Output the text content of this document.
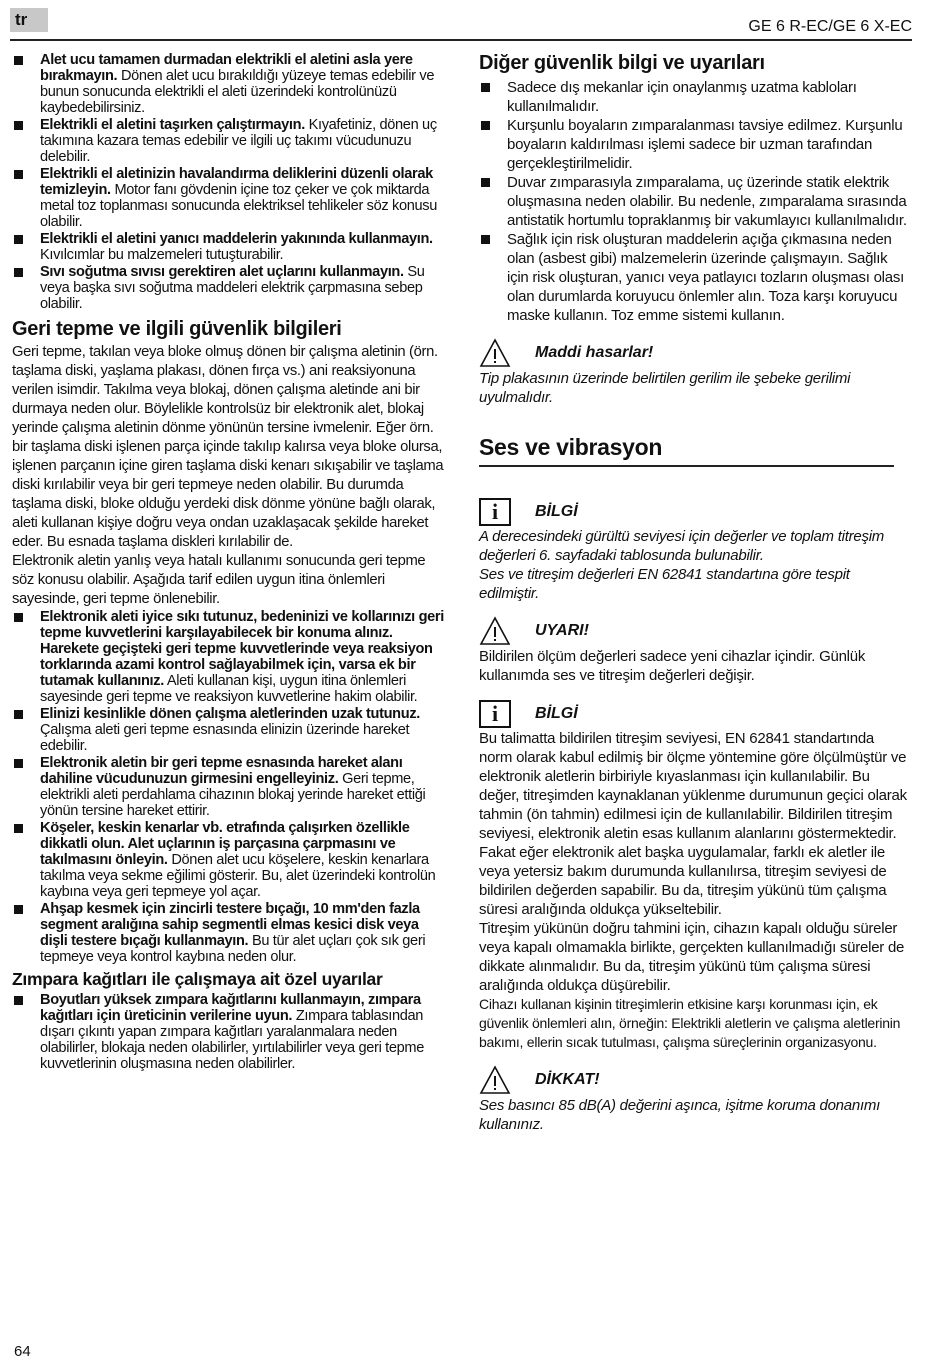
tr	GE 6 R-EC/GE 6 X-EC
Alet ucu tamamen durmadan elektrikli el aletini asla yere bırakmayın. Dönen alet ucu bırakıldığı yüzeye temas edebilir ve bunun sonucunda elektrikli el aleti üzerindeki kontrolünüzü kaybedebilirsiniz.
Elektrikli el aletini taşırken çalıştırmayın. Kıyafetiniz, dönen uç takımına kazara temas edebilir ve ilgili uç takımı vücudunuzu delebilir.
Elektrikli el aletinizin havalandırma deliklerini düzenli olarak temizleyin. Motor fanı gövdenin içine toz çeker ve çok miktarda metal toz toplanması sonucunda elektriksel tehlikeler söz konusu olabilir.
Elektrikli el aletini yanıcı maddelerin yakınında kullanmayın. Kıvılcımlar bu malzemeleri tutuşturabilir.
Sıvı soğutma sıvısı gerektiren alet uçlarını kullanmayın. Su veya başka sıvı soğutma maddeleri elektrik çarpmasına sebep olabilir.
Geri tepme ve ilgili güvenlik bilgileri

Geri tepme, takılan veya bloke olmuş dönen bir çalışma aletinin (örn. taşlama diski, yaşlama plakası, dönen fırça vs.) ani reaksiyonuna verilen isimdir. Takılma veya blokaj, dönen çalışma aletinde ani bir durmaya neden olur. Böylelikle kontrolsüz bir elektronik alet, blokaj yerinde çalışma aletinin dönme yönünün tersine ivmelenir. Eğer örn. bir taşlama diski işlenen parça içinde takılıp kalırsa veya bloke olursa, işlenen parçanın içine giren taşlama diski kenarı sıkışabilir ve taşlama diski kırılabilir veya bir geri tepmeye neden olabilir. Bu durumda taşlama diski, bloke olduğu yerdeki disk dönme yönüne bağlı olarak, aleti kullanan kişiye doğru veya ondan uzaklaşacak şekilde hareket eder. Bu esnada taşlama diskleri kırılabilir de.

Elektronik aletin yanlış veya hatalı kullanımı sonucunda geri tepme söz konusu olabilir. Aşağıda tarif edilen uygun itina önlemleri sayesinde, geri tepme önlenebilir.

Elektronik aleti iyice sıkı tutunuz, bedeninizi ve kollarınızı geri tepme kuvvetlerini karşılayabilecek bir konuma alınız. Harekete geçişteki geri tepme kuvvetlerinde veya reaksiyon torklarında azami kontrol sağlayabilmek için, varsa ek bir tutamak kullanınız. Aleti kullanan kişi, uygun itina önlemleri sayesinde geri tepme ve reaksiyon kuvvetlerine hakim olabilir.
Elinizi kesinlikle dönen çalışma aletlerinden uzak tutunuz. Çalışma aleti geri tepme esnasında elinizin üzerinde hareket edebilir.
Elektronik aletin bir geri tepme esnasında hareket alanı dahiline vücudunuzun girmesini engelleyiniz. Geri tepme, elektrikli aleti perdahlama cihazının blokaj yerinde hareket ettiği yönün tersine hareket ettirir.
Köşeler, keskin kenarlar vb. etrafında çalışırken özellikle dikkatli olun. Alet uçlarının iş parçasına çarpmasını ve takılmasını önleyin. Dönen alet ucu köşelere, keskin kenarlara takılma veya sekme eğilimi gösterir. Bu, alet üzerindeki kontrolün kaybına veya geri tepmeye yol açar.
Ahşap kesmek için zincirli testere bıçağı, 10 mm'den fazla segment aralığına sahip segmentli elmas kesici disk veya dişli testere bıçağı kullanmayın. Bu tür alet uçları çok sık geri tepmeye veya kontrol kaybına neden olur.
Zımpara kağıtları ile çalışmaya ait özel uyarılar
Boyutları yüksek zımpara kağıtlarını kullanmayın, zımpara kağıtları için üreticinin verilerine uyun. Zımpara tablasından dışarı çıkıntı yapan zımpara kağıtları yaralanmalara neden olabilirler, blokaja neden olabilirler, yırtılabilirler veya geri tepme kuvvetlerinin oluşmasına neden olabilirler.
Diğer güvenlik bilgi ve uyarıları
Sadece dış mekanlar için onaylanmış uzatma kabloları kullanılmalıdır.
Kurşunlu boyaların zımparalanması tavsiye edilmez. Kurşunlu boyaların kaldırılması işlemi sadece bir uzman tarafından gerçekleştirilmelidir.
Duvar zımparasıyla zımparalama, uç üzerinde statik elektrik oluşmasına neden olabilir. Bu nedenle, zımparalama sırasında antistatik hortumlu topraklanmış bir vakumlayıcı kullanılmalıdır.
Sağlık için risk oluşturan maddelerin açığa çıkmasına neden olan (asbest gibi) malzemelerin üzerinde çalışmayın. Sağlık için risk oluşturan, yanıcı veya patlayıcı tozların oluşması olası olan durumlarda koruyucu önlemler alın. Toza karşı koruyucu maske kullanın. Toz emme sistemi kullanın.
Maddi hasarlar!

Tip plakasının üzerinde belirtilen gerilim ile şebeke gerilimi uyulmalıdır.

Ses ve vibrasyon
i	BİLGİ

A derecesindeki gürültü seviyesi için değerler ve toplam titreşim değerleri 6. sayfadaki tablosunda bulunabilir.

Ses ve titreşim değerleri EN 62841 standartına göre tespit edilmiştir.

UYARI!

Bildirilen ölçüm değerleri sadece yeni cihazlar içindir. Günlük kullanımda ses ve titreşim değerleri değişir.

i	BİLGİ

Bu talimatta bildirilen titreşim seviyesi, EN 62841 standartında norm olarak kabul edilmiş bir ölçme yöntemine göre ölçülmüştür ve elektronik aletlerin birbiriyle kıyaslanması için kullanılabilir. Bu değer, titreşimden kaynaklanan yüklenme durumunun geçici olarak tahmin (ön tahmin) edilmesi için de kullanılabilir. Bildirilen titreşim seviyesi, elektronik aletin esas kullanım alanlarını göstermektedir. Fakat eğer elektronik alet başka uygulamalar, farklı ek aletler ile veya yetersiz bakım durumunda kullanılırsa, titreşim seviyesi de bildirilen değerden sapabilir. Bu da, titreşim yükünü tüm çalışma süresi aralığında oldukça yükseltebilir.

Titreşim yükünün doğru tahmini için, cihazın kapalı olduğu süreler veya kapalı olmamakla birlikte, gerçekten kullanılmadığı süreler de dikkate alınmalıdır. Bu da, titreşim yükünü tüm çalışma süresi aralığında oldukça düşürebilir.

Cihazı kullanan kişinin titreşimlerin etkisine karşı korunması için, ek güvenlik önlemleri alın, örneğin: Elektrikli aletlerin ve çalışma aletlerinin bakımı, ellerin sıcak tutulması, çalışma süreçlerinin organizasyonu.

DİKKAT!

Ses basıncı 85 dB(A) değerini aşınca, işitme koruma donanımı kullanınız.

64
